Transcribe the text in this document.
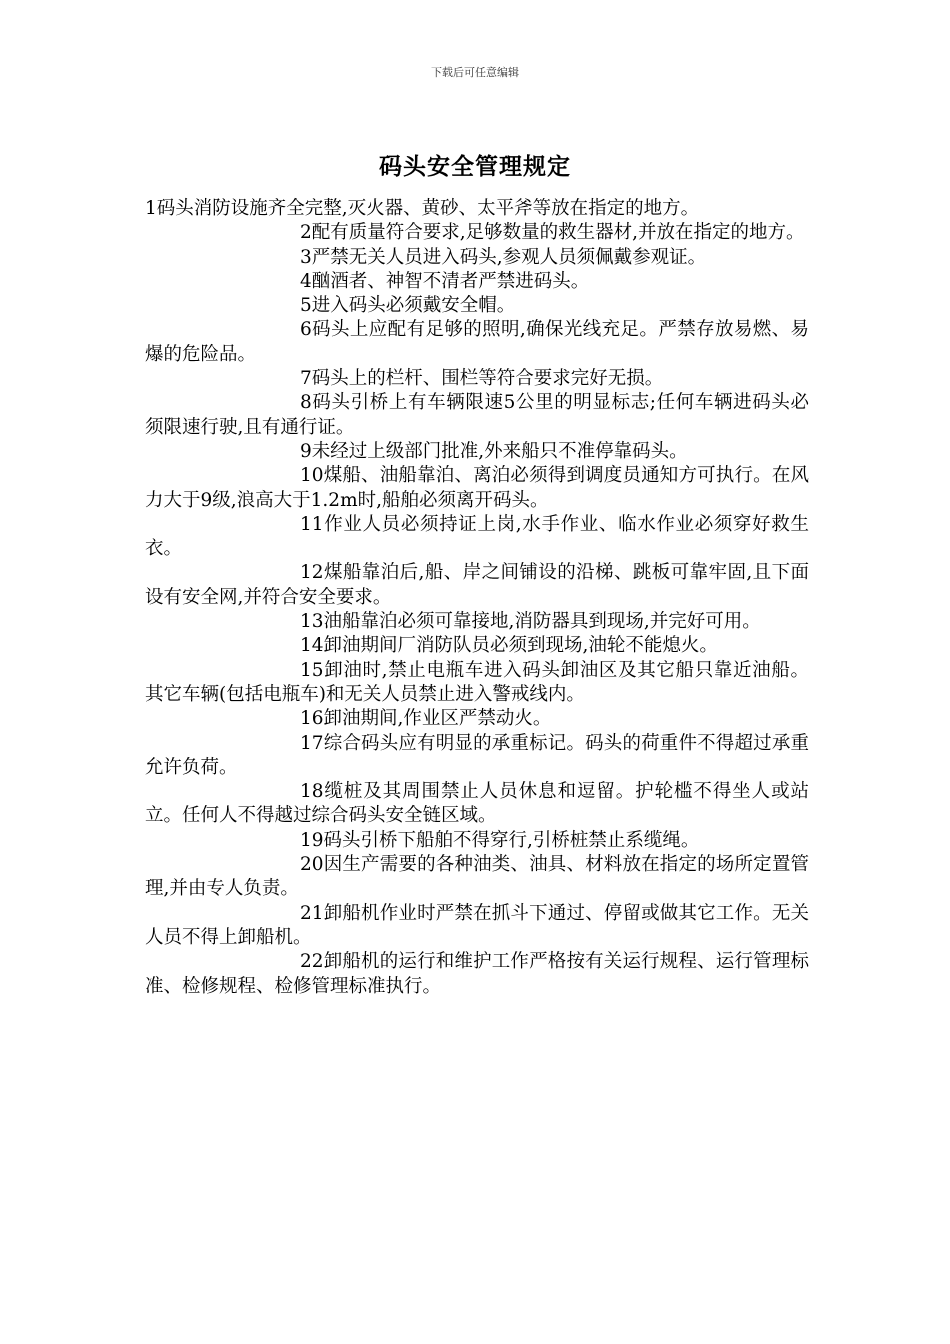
下载后可任意编辑
码头安全管理规定

1码头消防设施齐全完整,灭火器、黄砂、太平斧等放在指定的地方。

2配有质量符合要求,足够数量的救生器材,并放在指定的地方。

3严禁无关人员进入码头,参观人员须佩戴参观证。

4酗酒者、神智不清者严禁进码头。

5进入码头必须戴安全帽。

6码头上应配有足够的照明,确保光线充足。严禁存放易燃、易爆的危险品。

7码头上的栏杆、围栏等符合要求完好无损。

8码头引桥上有车辆限速5公里的明显标志;任何车辆进码头必须限速行驶,且有通行证。

9未经过上级部门批准,外来船只不准停靠码头。

10煤船、油船靠泊、离泊必须得到调度员通知方可执行。在风力大于9级,浪高大于1.2m时,船舶必须离开码头。

11作业人员必须持证上岗,水手作业、临水作业必须穿好救生衣。

12煤船靠泊后,船、岸之间铺设的沿梯、跳板可靠牢固,且下面设有安全网,并符合安全要求。

13油船靠泊必须可靠接地,消防器具到现场,并完好可用。

14卸油期间厂消防队员必须到现场,油轮不能熄火。

15卸油时,禁止电瓶车进入码头卸油区及其它船只靠近油船。其它车辆(包括电瓶车)和无关人员禁止进入警戒线内。

16卸油期间,作业区严禁动火。

17综合码头应有明显的承重标记。码头的荷重件不得超过承重允许负荷。

18缆桩及其周围禁止人员休息和逗留。护轮槛不得坐人或站立。任何人不得越过综合码头安全链区域。

19码头引桥下船舶不得穿行,引桥桩禁止系缆绳。

20因生产需要的各种油类、油具、材料放在指定的场所定置管理,并由专人负责。

21卸船机作业时严禁在抓斗下通过、停留或做其它工作。无关人员不得上卸船机。

22卸船机的运行和维护工作严格按有关运行规程、运行管理标准、检修规程、检修管理标准执行。
